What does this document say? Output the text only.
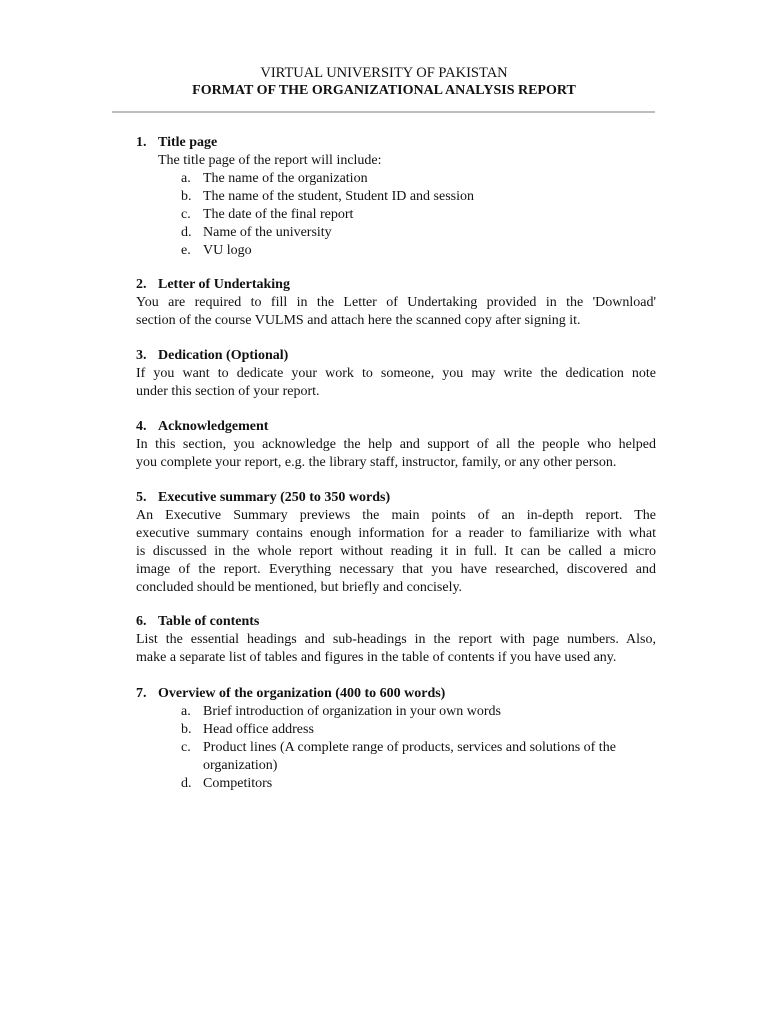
VIRTUAL UNIVERSITY OF PAKISTAN
FORMAT OF THE ORGANIZATIONAL ANALYSIS REPORT
1. Title page
The title page of the report will include:
a. The name of the organization
b. The name of the student, Student ID and session
c. The date of the final report
d. Name of the university
e. VU logo
2. Letter of Undertaking
You are required to fill in the Letter of Undertaking provided in the 'Download'
section of the course VULMS and attach here the scanned copy after signing it.
3. Dedication (Optional)
If you want to dedicate your work to someone, you may write the dedication note
under this section of your report.
4. Acknowledgement
In this section, you acknowledge the help and support of all the people who helped
you complete your report, e.g. the library staff, instructor, family, or any other person.
5. Executive summary (250 to 350 words)
An Executive Summary previews the main points of an in-depth report. The
executive summary contains enough information for a reader to familiarize with what
is discussed in the whole report without reading it in full. It can be called a micro
image of the report. Everything necessary that you have researched, discovered and
concluded should be mentioned, but briefly and concisely.
6. Table of contents
List the essential headings and sub-headings in the report with page numbers. Also,
make a separate list of tables and figures in the table of contents if you have used any.
7. Overview of the organization (400 to 600 words)
a. Brief introduction of organization in your own words
b. Head office address
c. Product lines (A complete range of products, services and solutions of the organization)
d. Competitors
